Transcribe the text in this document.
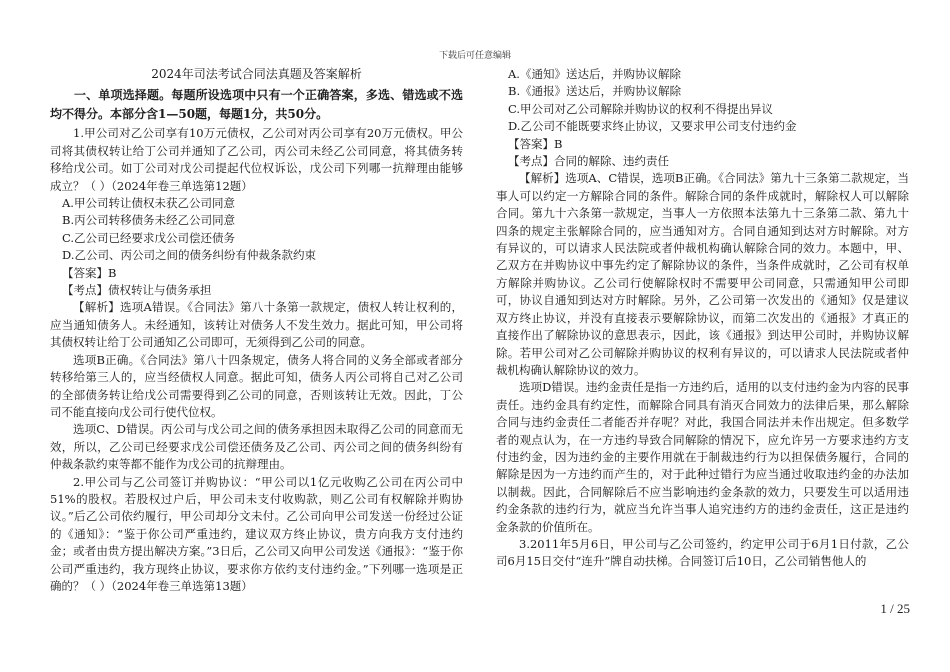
下载后可任意编辑

2024年司法考试合同法真题及答案解析

一、单项选择题。每题所设选项中只有一个正确答案，多选、错选或不选均不得分。本部分含1—50题，每题1分，共50分。

1.甲公司对乙公司享有10万元债权，乙公司对丙公司享有20万元债权。甲公司将其债权转让给丁公司并通知了乙公司，丙公司未经乙公司同意，将其债务转移给戊公司。如丁公司对戊公司提起代位权诉讼，戊公司下列哪一抗辩理由能够成立？（ ）（2024年卷三单选第12题）

A.甲公司转让债权未获乙公司同意

B.丙公司转移债务未经乙公司同意

C.乙公司已经要求戊公司偿还债务

D.乙公司、丙公司之间的债务纠纷有仲裁条款约束

【答案】B

【考点】债权转让与债务承担

【解析】选项A错误。《合同法》第八十条第一款规定，债权人转让权利的，应当通知债务人。未经通知，该转让对债务人不发生效力。据此可知，甲公司将其债权转让给丁公司通知乙公司即可，无须得到乙公司的同意。

选项B正确。《合同法》第八十四条规定，债务人将合同的义务全部或者部分转移给第三人的，应当经债权人同意。据此可知，债务人丙公司将自己对乙公司的全部债务转让给戊公司需要得到乙公司的同意，否则该转让无效。因此，丁公司不能直接向戊公司行使代位权。

选项C、D错误。丙公司与戊公司之间的债务承担因未取得乙公司的同意而无效，所以，乙公司已经要求戊公司偿还债务及乙公司、丙公司之间的债务纠纷有仲裁条款约束等都不能作为戊公司的抗辩理由。

2.甲公司与乙公司签订并购协议：“甲公司以1亿元收购乙公司在丙公司中51%的股权。若股权过户后，甲公司未支付收购款，则乙公司有权解除并购协议。”后乙公司依约履行，甲公司却分文未付。乙公司向甲公司发送一份经过公证的《通知》：“鉴于你公司严重违约，建议双方终止协议，贵方向我方支付违约金；或者由贵方提出解决方案。”3日后，乙公司又向甲公司发送《通报》：“鉴于你公司严重违约，我方现终止协议，要求你方依约支付违约金。”下列哪一选项是正确的？（ ）（2024年卷三单选第13题）

A.《通知》送达后，并购协议解除

B.《通报》送达后，并购协议解除

C.甲公司对乙公司解除并购协议的权利不得提出异议

D.乙公司不能既要求终止协议，又要求甲公司支付违约金

【答案】B

【考点】合同的解除、违约责任

【解析】选项A、C错误，选项B正确。《合同法》第九十三条第二款规定，当事人可以约定一方解除合同的条件。解除合同的条件成就时，解除权人可以解除合同。第九十六条第一款规定，当事人一方依照本法第九十三条第二款、第九十四条的规定主张解除合同的，应当通知对方。合同自通知到达对方时解除。对方有异议的，可以请求人民法院或者仲裁机构确认解除合同的效力。本题中，甲、乙双方在并购协议中事先约定了解除协议的条件，当条件成就时，乙公司有权单方解除并购协议。乙公司行使解除权时不需要甲公司同意，只需通知甲公司即可，协议自通知到达对方时解除。另外，乙公司第一次发出的《通知》仅是建议双方终止协议，并没有直接表示要解除协议，而第二次发出的《通报》才真正的直接作出了解除协议的意思表示，因此，该《通报》到达甲公司时，并购协议解除。若甲公司对乙公司解除并购协议的权利有异议的，可以请求人民法院或者仲裁机构确认解除协议的效力。

选项D错误。违约金责任是指一方违约后，适用的以支付违约金为内容的民事责任。违约金具有约定性，而解除合同具有消灭合同效力的法律后果，那么解除合同与违约金责任二者能否并存呢？对此，我国合同法并未作出规定。但多数学者的观点认为，在一方违约导致合同解除的情况下，应允许另一方要求违约方支付违约金，因为违约金的主要作用就在于制裁违约行为以担保债务履行，合同的解除是因为一方违约而产生的，对于此种过错行为应当通过收取违约金的办法加以制裁。因此，合同解除后不应当影响违约金条款的效力，只要发生可以适用违约金条款的违约行为，就应当允许当事人追究违约方的违约金责任，这正是违约金条款的价值所在。

3.2011年5月6日，甲公司与乙公司签约，约定甲公司于6月1日付款，乙公司6月15日交付“连升”牌自动扶梯。合同签订后10日，乙公司销售他人的

1 / 25
